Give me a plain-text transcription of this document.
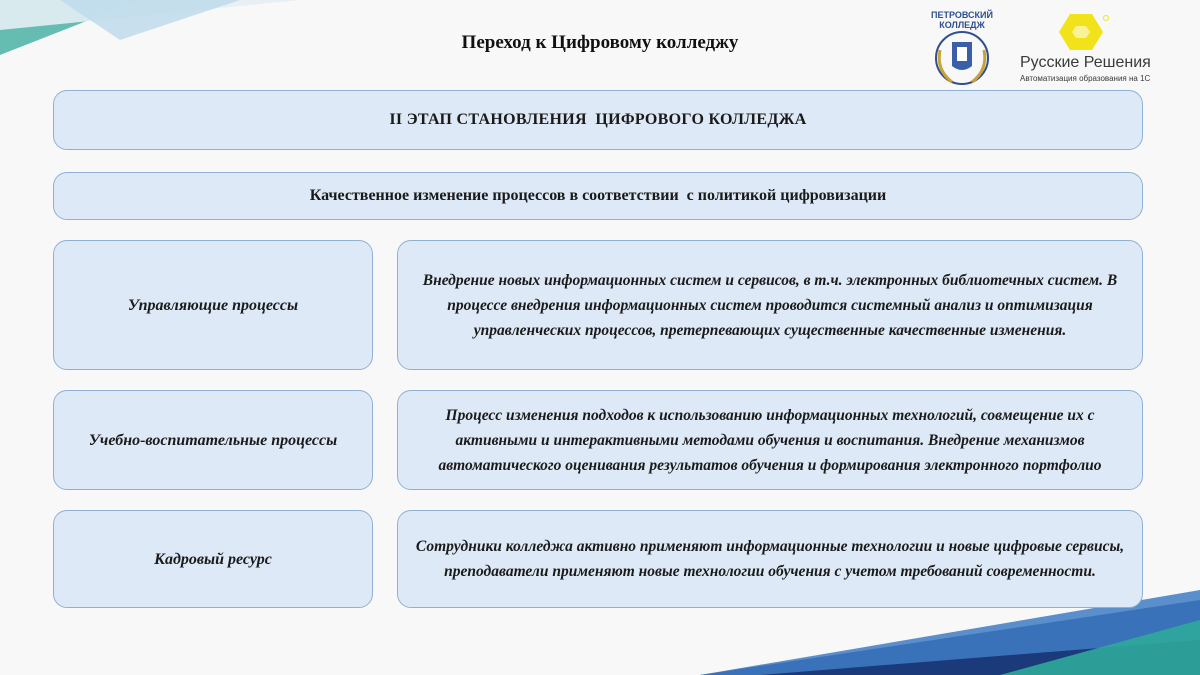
Переход к Цифровому колледжу
ПЕТРОВСКИЙ КОЛЛЕДЖ
Русские Решения
Автоматизация образования на 1С
II ЭТАП СТАНОВЛЕНИЯ  ЦИФРОВОГО КОЛЛЕДЖА
Качественное изменение процессов в соответствии  с политикой цифровизации
Управляющие процессы
Внедрение новых информационных систем и сервисов, в т.ч. электронных библиотечных систем. В процессе внедрения информационных систем проводится системный анализ и оптимизация управленческих процессов, претерпевающих существенные качественные изменения.
Учебно-воспитательные процессы
Процесс изменения подходов к использованию информационных технологий, совмещение их с активными и интерактивными методами обучения и воспитания. Внедрение механизмов автоматического оценивания результатов обучения и формирования электронного портфолио
Кадровый ресурс
Сотрудники колледжа активно применяют информационные технологии и новые цифровые сервисы, преподаватели применяют новые технологии обучения с учетом требований современности.
